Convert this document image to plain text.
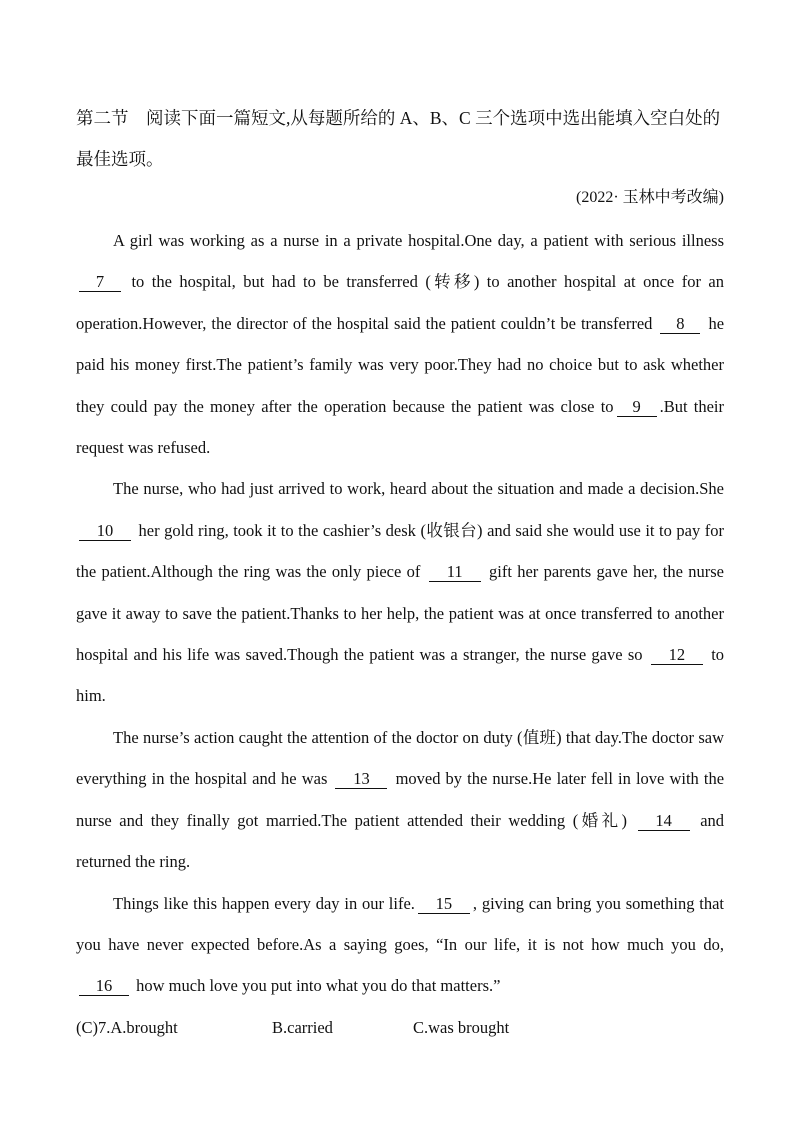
第二节　阅读下面一篇短文,从每题所给的 A、B、C 三个选项中选出能填入空白处的最佳选项。

(2022· 玉林中考改编)

A girl was working as a nurse in a private hospital.One day, a patient with serious illness 7 to the hospital, but had to be transferred (转移) to another hospital at once for an operation.However, the director of the hospital said the patient couldn’t be transferred 8 he paid his money first.The patient’s family was very poor.They had no choice but to ask whether they could pay the money after the operation because the patient was close to 9 .But their request was refused.

The nurse, who had just arrived to work, heard about the situation and made a decision.She 10 her gold ring, took it to the cashier’s desk (收银台) and said she would use it to pay for the patient.Although the ring was the only piece of 11 gift her parents gave her, the nurse gave it away to save the patient.Thanks to her help, the patient was at once transferred to another hospital and his life was saved.Though the patient was a stranger, the nurse gave so 12 to him.

The nurse’s action caught the attention of the doctor on duty (值班) that day.The doctor saw everything in the hospital and he was 13 moved by the nurse.He later fell in love with the nurse and they finally got married.The patient attended their wedding (婚礼) 14 and returned the ring.

Things like this happen every day in our life. 15 , giving can bring you something that you have never expected before.As a saying goes, “In our life, it is not how much you do, 16 how much love you put into what you do that matters.”

(C)7.A.brought	B.carried	C.was brought
